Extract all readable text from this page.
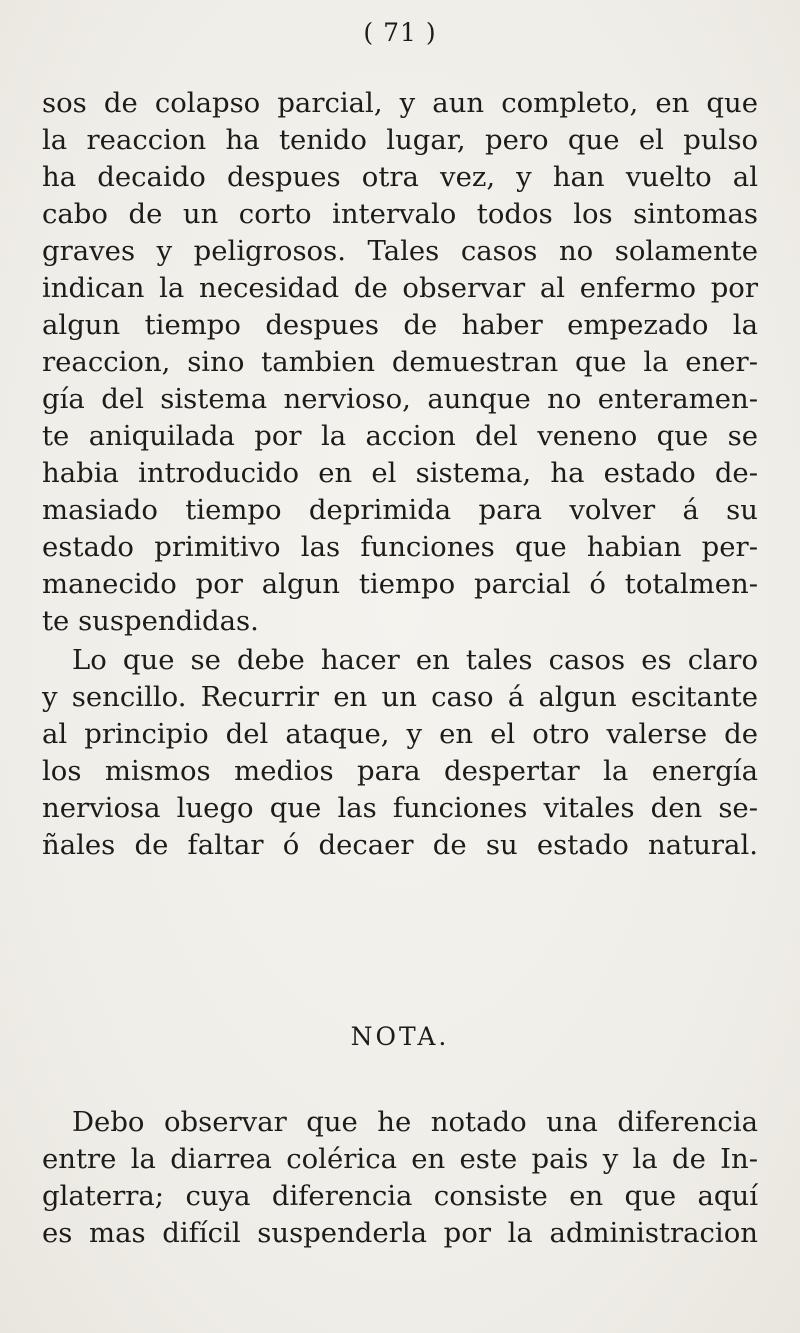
( 71 )
sos de colapso parcial, y aun completo, en que
la reaccion ha tenido lugar, pero que el pulso
ha decaido despues otra vez, y han vuelto al
cabo de un corto intervalo todos los sintomas
graves y peligrosos. Tales casos no solamente
indican la necesidad de observar al enfermo por
algun tiempo despues de haber empezado la
reaccion, sino tambien demuestran que la ener-
gía del sistema nervioso, aunque no enteramen-
te aniquilada por la accion del veneno que se
habia introducido en el sistema, ha estado de-
masiado tiempo deprimida para volver á su
estado primitivo las funciones que habian per-
manecido por algun tiempo parcial ó totalmen-
te suspendidas.
Lo que se debe hacer en tales casos es claro
y sencillo. Recurrir en un caso á algun escitante
al principio del ataque, y en el otro valerse de
los mismos medios para despertar la energía
nerviosa luego que las funciones vitales den se-
ñales de faltar ó decaer de su estado natural.
NOTA.
Debo observar que he notado una diferencia
entre la diarrea colérica en este pais y la de In-
glaterra; cuya diferencia consiste en que aquí
es mas difícil suspenderla por la administracion
